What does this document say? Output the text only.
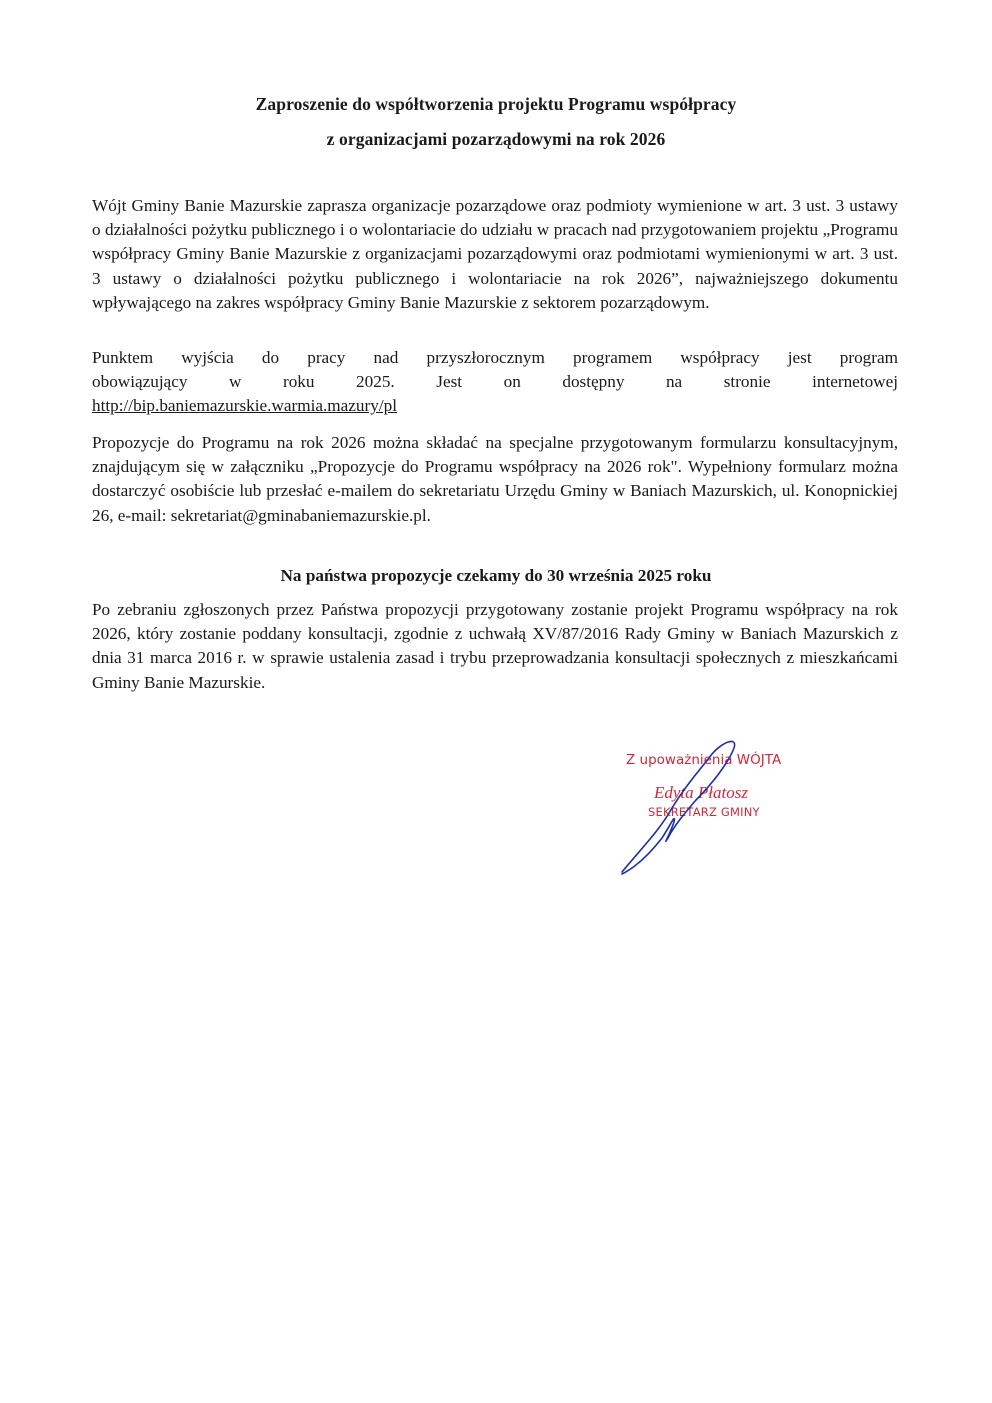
Zaproszenie do współtworzenia projektu Programu współpracy
z organizacjami pozarządowymi na rok 2026

Wójt Gminy Banie Mazurskie zaprasza organizacje pozarządowe oraz podmioty wymienione w art. 3 ust. 3 ustawy o działalności pożytku publicznego i o wolontariacie do udziału w pracach nad przygotowaniem projektu „Programu współpracy Gminy Banie Mazurskie z organizacjami pozarządowymi oraz podmiotami wymienionymi w art. 3 ust. 3 ustawy o działalności pożytku publicznego i wolontariacie na rok 2026”, najważniejszego dokumentu wpływającego na zakres współpracy Gminy Banie Mazurskie z sektorem pozarządowym.

Punktem wyjścia do pracy nad przyszłorocznym programem współpracy jest program
obowiązujący w roku 2025. Jest on dostępny na stronie internetowej
http://bip.baniemazurskie.warmia.mazury/pl

Propozycje do Programu na rok 2026 można składać na specjalne przygotowanym formularzu konsultacyjnym, znajdującym się w załączniku „Propozycje do Programu współpracy na 2026 rok". Wypełniony formularz można dostarczyć osobiście lub przesłać e-mailem do sekretariatu Urzędu Gminy w Baniach Mazurskich, ul. Konopnickiej 26, e-mail: sekretariat@gminabaniemazurskie.pl.

Na państwa propozycje czekamy do 30 września 2025 roku

Po zebraniu zgłoszonych przez Państwa propozycji przygotowany zostanie projekt Programu współpracy na rok 2026, który zostanie poddany konsultacji, zgodnie z uchwałą XV/87/2016 Rady Gminy w Baniach Mazurskich z dnia 31 marca 2016 r. w sprawie ustalenia zasad i trybu przeprowadzania konsultacji społecznych z mieszkańcami Gminy Banie Mazurskie.

Z upoważnienia WÓJTA
Edyta Płatosz
SEKRETARZ GMINY
